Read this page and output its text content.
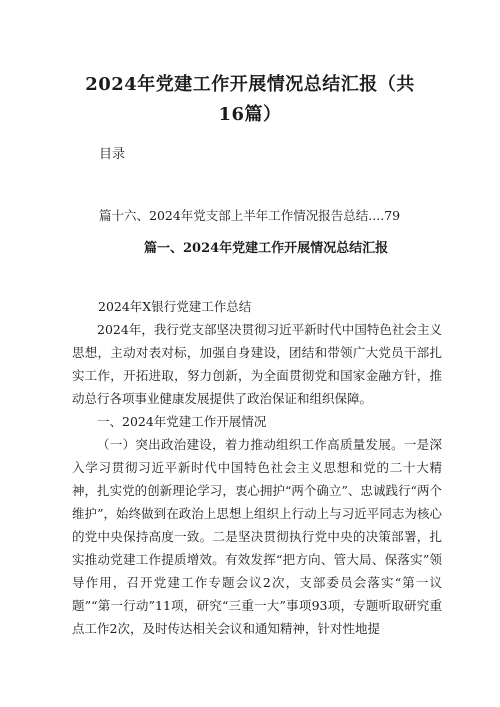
2024年党建工作开展情况总结汇报（共16篇）
目录
篇十六、2024年党支部上半年工作情况报告总结....79
篇一、2024年党建工作开展情况总结汇报
2024年X银行党建工作总结

2024年，我行党支部坚决贯彻习近平新时代中国特色社会主义思想，主动对表对标，加强自身建设，团结和带领广大党员干部扎实工作，开拓进取，努力创新，为全面贯彻党和国家金融方针，推动总行各项事业健康发展提供了政治保证和组织保障。

一、2024年党建工作开展情况

（一）突出政治建设，着力推动组织工作高质量发展。一是深入学习贯彻习近平新时代中国特色社会主义思想和党的二十大精神，扎实党的创新理论学习，衷心拥护“两个确立”、忠诚践行“两个维护”，始终做到在政治上思想上组织上行动上与习近平同志为核心的党中央保持高度一致。二是坚决贯彻执行党中央的决策部署，扎实推动党建工作提质增效。有效发挥“把方向、管大局、保落实”领导作用，召开党建工作专题会议2次，支部委员会落实“第一议题”“第一行动”11项，研究“三重一大”事项93项，专题听取研究重点工作2次，及时传达相关会议和通知精神，针对性地提
